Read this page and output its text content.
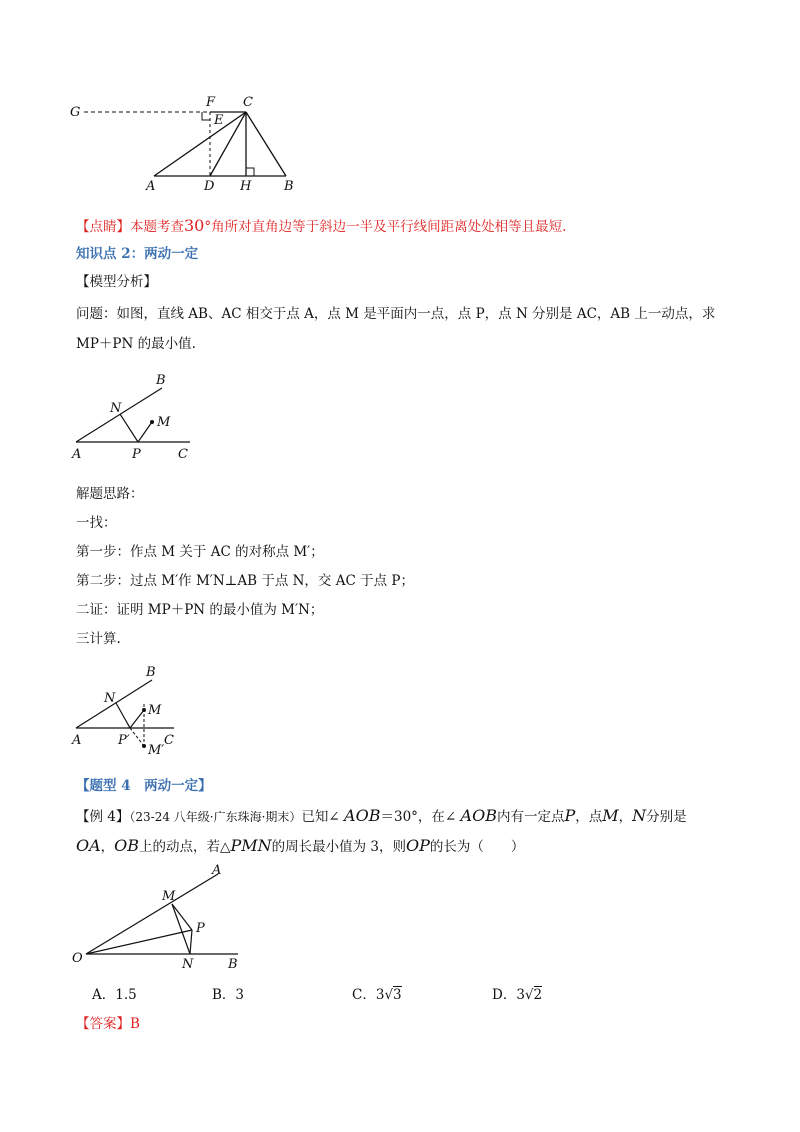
G
F C
E
A	D H	B
【点睛】本题考查30°角所对直角边等于斜边一半及平行线间距离处处相等且最短.
知识点 2：两动一定
【模型分析】
问题：如图，直线 AB、AC 相交于点 A，点 M 是平面内一点，点 P，点 N 分别是 AC，AB 上一动点，求
MP＋PN 的最小值.
B
N
M
A	P	C
解题思路：
一找：
第一步：作点 M 关于 AC 的对称点 M′；
第二步：过点 M′作 M′N⊥AB 于点 N，交 AC 于点 P；
二证：证明 MP＋PN 的最小值为 M′N；
三计算.
B
N
M
A	P′	C
M′
【题型 4　两动一定】
【例 4】（23-24 八年级·广东珠海·期末）已知∠ AOB＝30°，在∠ AOB内有一定点P，点M，N分别是
OA，OB上的动点，若△PMN的周长最小值为 3，则OP的长为（　　）
A
M
P
O	N	B
A．1.5	B．3	C．3√3	D．3√2
【答案】B
